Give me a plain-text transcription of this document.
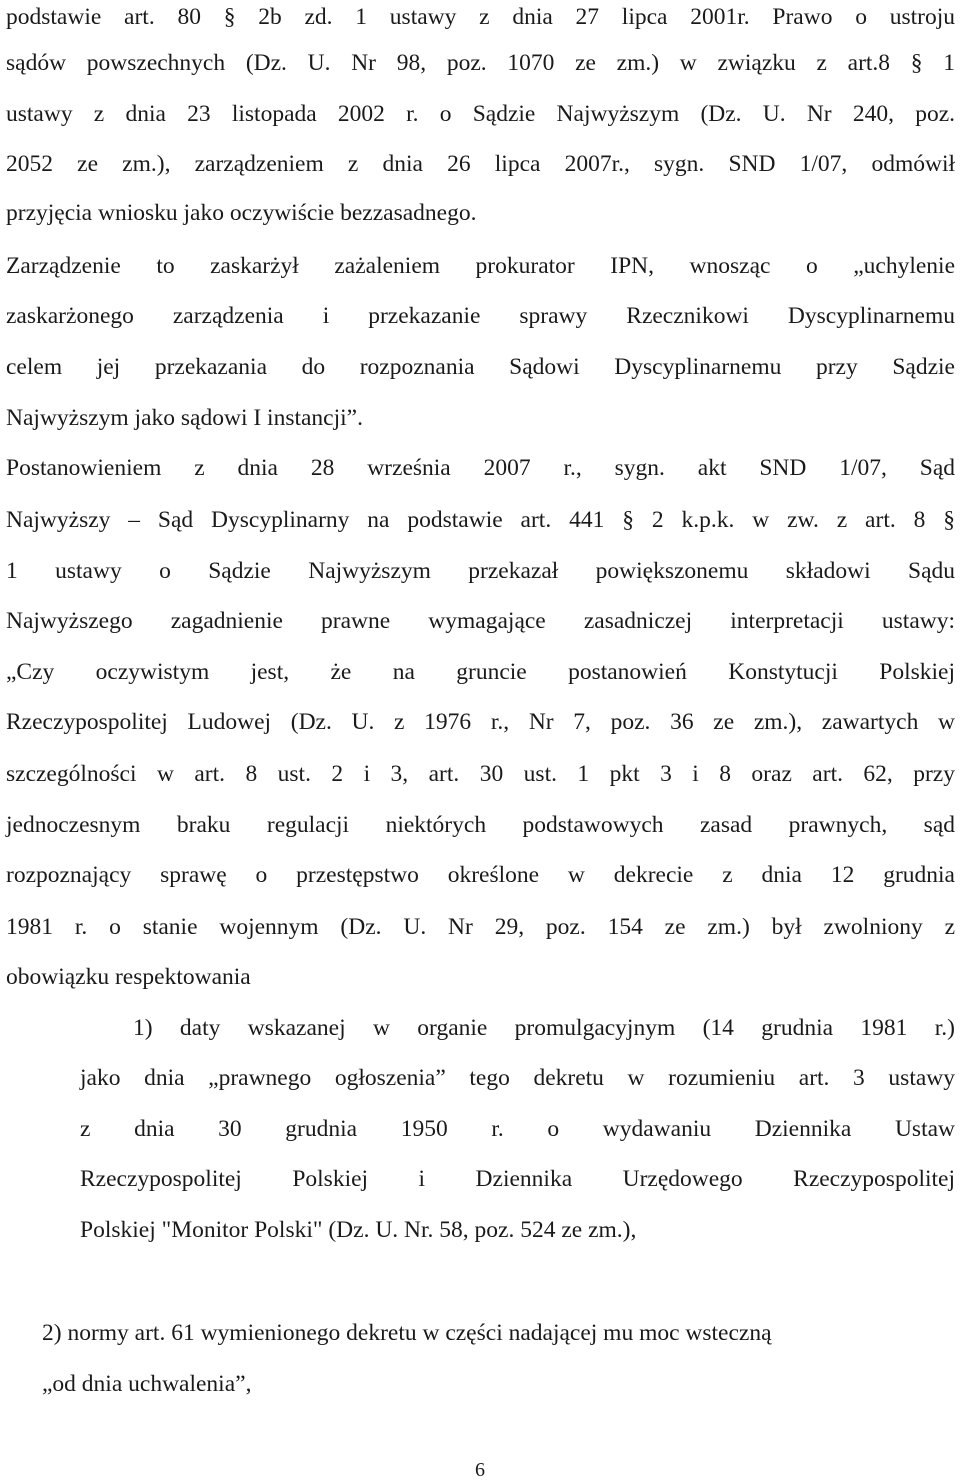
podstawie art. 80 § 2b zd. 1 ustawy z dnia 27 lipca 2001r. Prawo o ustroju

sądów powszechnych (Dz. U. Nr 98, poz. 1070 ze zm.) w związku z art.8 § 1

ustawy z dnia 23 listopada 2002 r. o Sądzie Najwyższym (Dz. U. Nr 240, poz.

2052 ze zm.), zarządzeniem z dnia 26 lipca 2007r., sygn. SND 1/07, odmówił

przyjęcia wniosku jako oczywiście bezzasadnego.

Zarządzenie to zaskarżył zażaleniem prokurator IPN, wnosząc o „uchylenie

zaskarżonego zarządzenia i przekazanie sprawy Rzecznikowi Dyscyplinarnemu

celem jej przekazania do rozpoznania Sądowi Dyscyplinarnemu przy Sądzie

Najwyższym jako sądowi I instancji”.

Postanowieniem z dnia 28 września 2007 r., sygn. akt SND 1/07, Sąd

Najwyższy – Sąd Dyscyplinarny na podstawie art. 441 § 2 k.p.k. w zw. z art. 8 §

1 ustawy o Sądzie Najwyższym przekazał powiększonemu składowi Sądu

Najwyższego zagadnienie prawne wymagające zasadniczej interpretacji ustawy:

„Czy oczywistym jest, że na gruncie postanowień Konstytucji Polskiej

Rzeczypospolitej Ludowej (Dz. U. z 1976 r., Nr 7, poz. 36 ze zm.), zawartych w

szczególności w art. 8 ust. 2 i 3, art. 30 ust. 1 pkt 3 i 8 oraz art. 62, przy

jednoczesnym braku regulacji niektórych podstawowych zasad prawnych, sąd

rozpoznający sprawę o przestępstwo określone w dekrecie z dnia 12 grudnia

1981 r. o stanie wojennym (Dz. U. Nr 29, poz. 154 ze zm.) był zwolniony z

obowiązku respektowania

1) daty wskazanej w organie promulgacyjnym (14 grudnia 1981 r.)

jako dnia „prawnego ogłoszenia” tego dekretu w rozumieniu art. 3 ustawy

z dnia 30 grudnia 1950 r. o wydawaniu Dziennika Ustaw

Rzeczypospolitej Polskiej i Dziennika Urzędowego Rzeczypospolitej

Polskiej "Monitor Polski" (Dz. U. Nr. 58, poz. 524 ze zm.),

2) normy art. 61 wymienionego dekretu w części nadającej mu moc wsteczną

„od dnia uchwalenia”,

6
